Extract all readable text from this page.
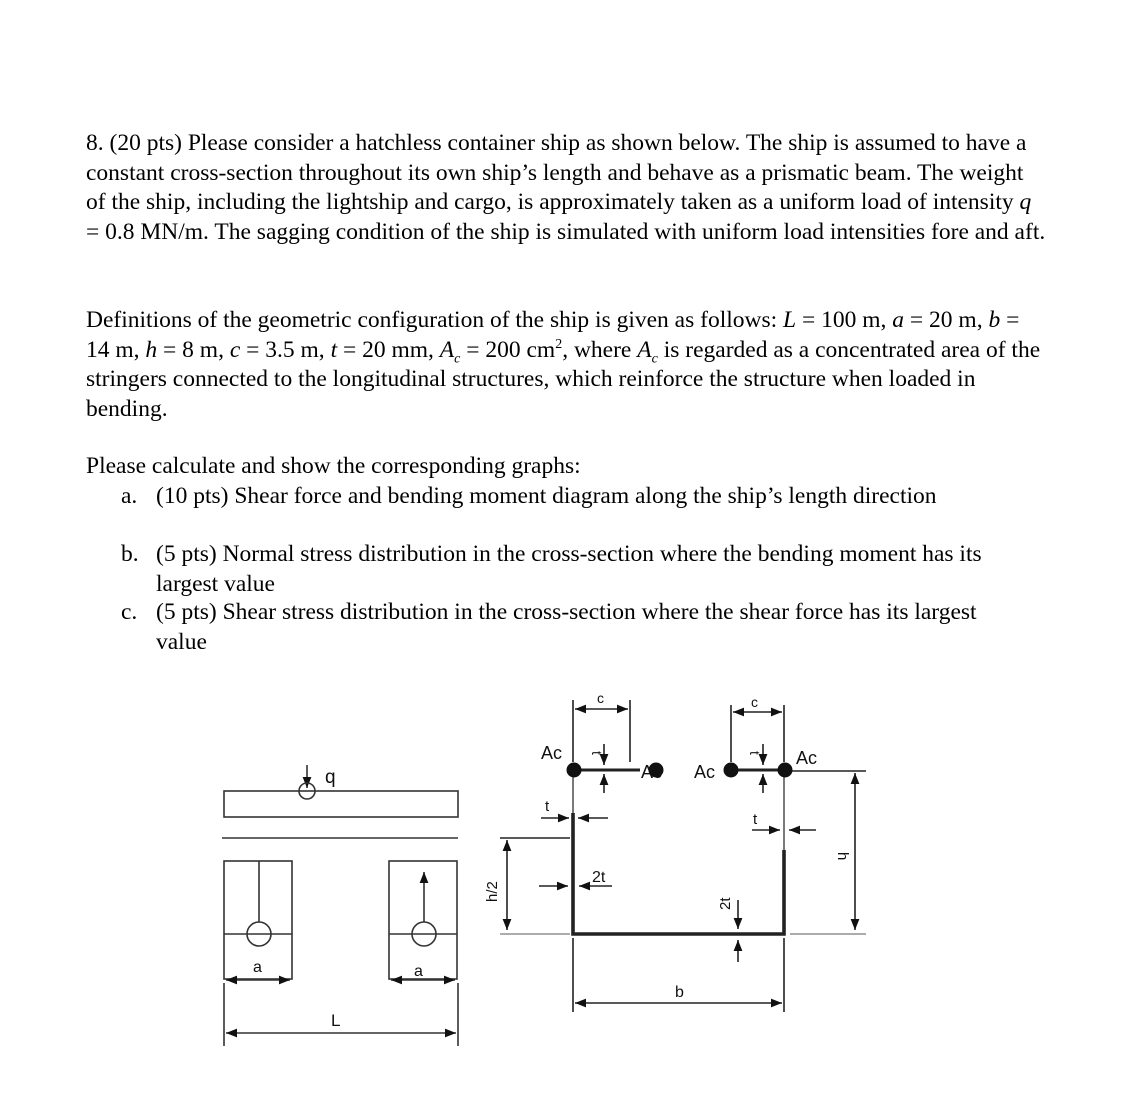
8. (20 pts) Please consider a hatchless container ship as shown below. The ship is assumed to have a constant cross-section throughout its own ship’s length and behave as a prismatic beam. The weight of the ship, including the lightship and cargo, is approximately taken as a uniform load of intensity q = 0.8 MN/m. The sagging condition of the ship is simulated with uniform load intensities fore and aft.
Definitions of the geometric configuration of the ship is given as follows: L = 100 m, a = 20 m, b = 14 m, h = 8 m, c = 3.5 m, t = 20 mm, $A_c = 200$ $cm^2$, where $A_c$ is regarded as a concentrated area of the stringers connected to the longitudinal structures, which reinforce the structure when loaded in bending.
Please calculate and show the corresponding graphs:
a. (10 pts) Shear force and bending moment diagram along the ship’s length direction
b. (5 pts) Normal stress distribution in the cross-section where the bending moment has its largest value
c. (5 pts) Shear stress distribution in the cross-section where the shear force has its largest value
q
a	a
L
Ac
Ac Ac
Ac
c	c
t	t
t
t
2t
2t
h/2
h
b
